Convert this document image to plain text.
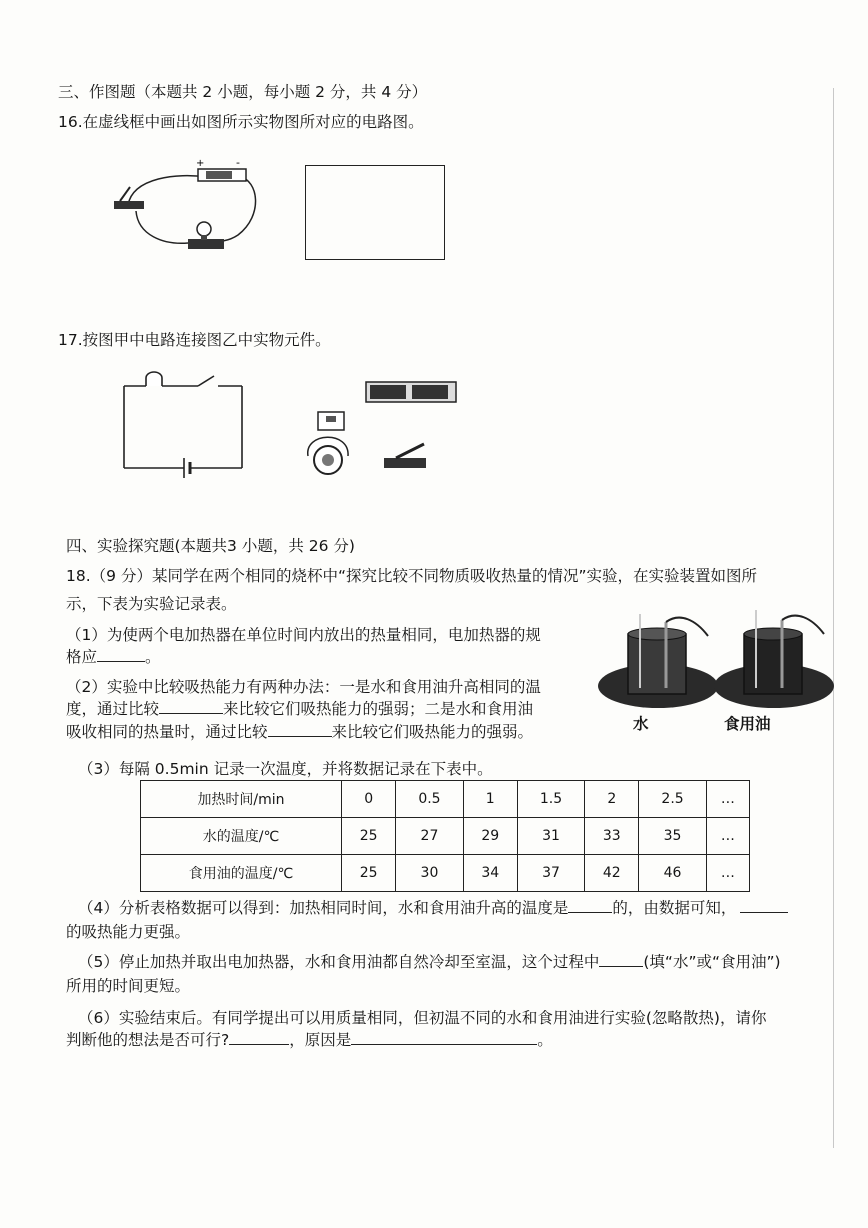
三、作图题（本题共 2 小题，每小题 2 分，共 4 分）
16.在虚线框中画出如图所示实物图所对应的电路图。
+	-
17.按图甲中电路连接图乙中实物元件。
四、实验探究题(本题共3 小题，共 26 分)
18.（9 分）某同学在两个相同的烧杯中“探究比较不同物质吸收热量的情况”实验，在实验装置如图所
示，下表为实验记录表。
（1）为使两个电加热器在单位时间内放出的热量相同，电加热器的规
格应	。
（2）实验中比较吸热能力有两种办法：一是水和食用油升高相同的温
度，通过比较	来比较它们吸热能力的强弱；二是水和食用油
吸收相同的热量时，通过比较	来比较它们吸热能力的强弱。	水	食用油
（3）每隔 0.5min 记录一次温度，并将数据记录在下表中。
加热时间/min	0	0.5	1	1.5	2	2.5	…
水的温度/℃	25	27	29	31	33	35	…
食用油的温度/℃	25	30	34	37	42	46	…
（4）分析表格数据可以得到：加热相同时间，水和食用油升高的温度是	的，由数据可知，
的吸热能力更强。
（5）停止加热并取出电加热器，水和食用油都自然冷却至室温，这个过程中	(填“水”或“食用油”)
所用的时间更短。
（6）实验结束后。有同学提出可以用质量相同，但初温不同的水和食用油进行实验(忽略散热)，请你
判断他的想法是否可行?	，原因是	。
